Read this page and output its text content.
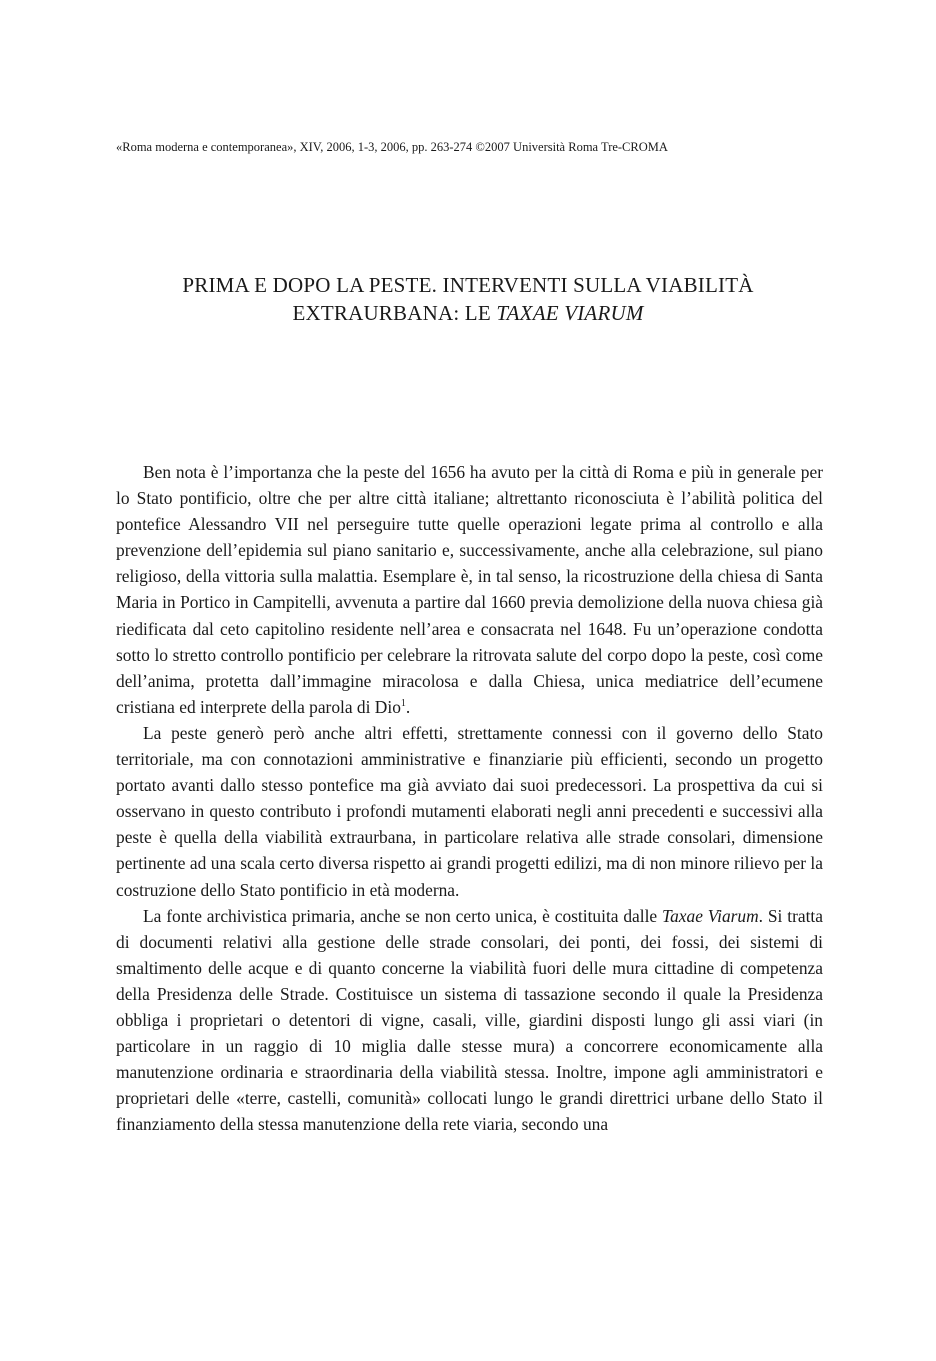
«Roma moderna e contemporanea», XIV, 2006, 1-3, 2006, pp. 263-274 ©2007 Università Roma Tre-CROMA
PRIMA E DOPO LA PESTE. INTERVENTI SULLA VIABILITÀ
EXTRAURBANA: LE TAXAE VIARUM

Ben nota è l’importanza che la peste del 1656 ha avuto per la città di Roma e più in generale per lo Stato pontificio, oltre che per altre città italiane; altrettanto riconosciuta è l’abilità politica del pontefice Alessandro VII nel perseguire tutte quelle operazioni legate prima al controllo e alla prevenzione dell’epidemia sul piano sanitario e, successivamente, anche alla celebrazione, sul piano religioso, della vittoria sulla malattia. Esemplare è, in tal senso, la ricostruzione della chiesa di Santa Maria in Portico in Campitelli, avvenuta a partire dal 1660 previa demolizione della nuova chiesa già riedificata dal ceto capitolino residente nell’area e consacrata nel 1648. Fu un’operazione condotta sotto lo stretto controllo pontificio per celebrare la ritrovata salute del corpo dopo la peste, così come dell’anima, protetta dall’immagine miracolosa e dalla Chiesa, unica mediatrice dell’ecumene cristiana ed interprete della parola di Dio$^1$.

La peste generò però anche altri effetti, strettamente connessi con il governo dello Stato territoriale, ma con connotazioni amministrative e finanziarie più efficienti, secondo un progetto portato avanti dallo stesso pontefice ma già avviato dai suoi predecessori. La prospettiva da cui si osservano in questo contributo i profondi mutamenti elaborati negli anni precedenti e successivi alla peste è quella della viabilità extraurbana, in particolare relativa alle strade consolari, dimensione pertinente ad una scala certo diversa rispetto ai grandi progetti edilizi, ma di non minore rilievo per la costruzione dello Stato pontificio in età moderna.

La fonte archivistica primaria, anche se non certo unica, è costituita dalle Taxae Viarum. Si tratta di documenti relativi alla gestione delle strade consolari, dei ponti, dei fossi, dei sistemi di smaltimento delle acque e di quanto concerne la viabilità fuori delle mura cittadine di competenza della Presidenza delle Strade. Costituisce un sistema di tassazione secondo il quale la Presidenza obbliga i proprietari o detentori di vigne, casali, ville, giardini disposti lungo gli assi viari (in particolare in un raggio di 10 miglia dalle stesse mura) a concorrere economicamente alla manutenzione ordinaria e straordinaria della viabilità stessa. Inoltre, impone agli amministratori e proprietari delle «terre, castelli, comunità» collocati lungo le grandi direttrici urbane dello Stato il finanziamento della stessa manutenzione della rete viaria, secondo una
